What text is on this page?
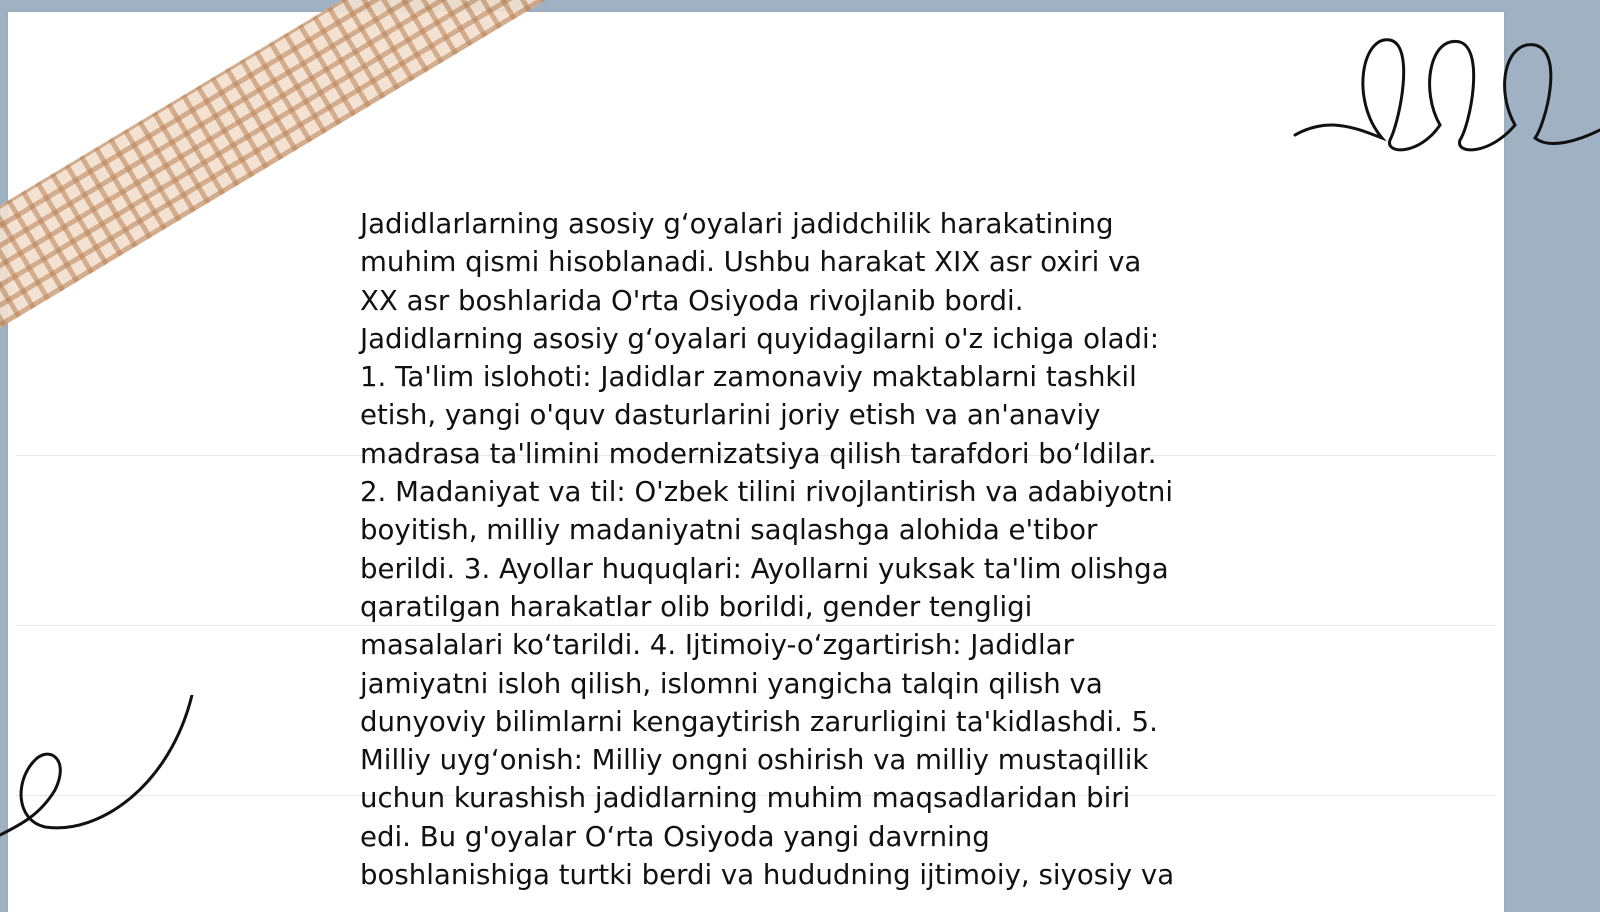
Jadidlarlarning asosiy g‘oyalari jadidchilik harakatining
muhim qismi hisoblanadi. Ushbu harakat XIX asr oxiri va
XX asr boshlarida O'rta Osiyoda rivojlanib bordi.
Jadidlarning asosiy g‘oyalari quyidagilarni o'z ichiga oladi:
1. Ta'lim islohoti: Jadidlar zamonaviy maktablarni tashkil
etish, yangi o'quv dasturlarini joriy etish va an'anaviy
madrasa ta'limini modernizatsiya qilish tarafdori bo‘ldilar.
2. Madaniyat va til: O'zbek tilini rivojlantirish va adabiyotni
boyitish, milliy madaniyatni saqlashga alohida e'tibor
berildi. 3. Ayollar huquqlari: Ayollarni yuksak ta'lim olishga
qaratilgan harakatlar olib borildi, gender tengligi
masalalari ko‘tarildi. 4. Ijtimoiy-o‘zgartirish: Jadidlar
jamiyatni isloh qilish, islomni yangicha talqin qilish va
dunyoviy bilimlarni kengaytirish zarurligini ta'kidlashdi. 5.
Milliy uyg‘onish: Milliy ongni oshirish va milliy mustaqillik
uchun kurashish jadidlarning muhim maqsadlaridan biri
edi. Bu g'oyalar O‘rta Osiyoda yangi davrning
boshlanishiga turtki berdi va hududning ijtimoiy, siyosiy va
